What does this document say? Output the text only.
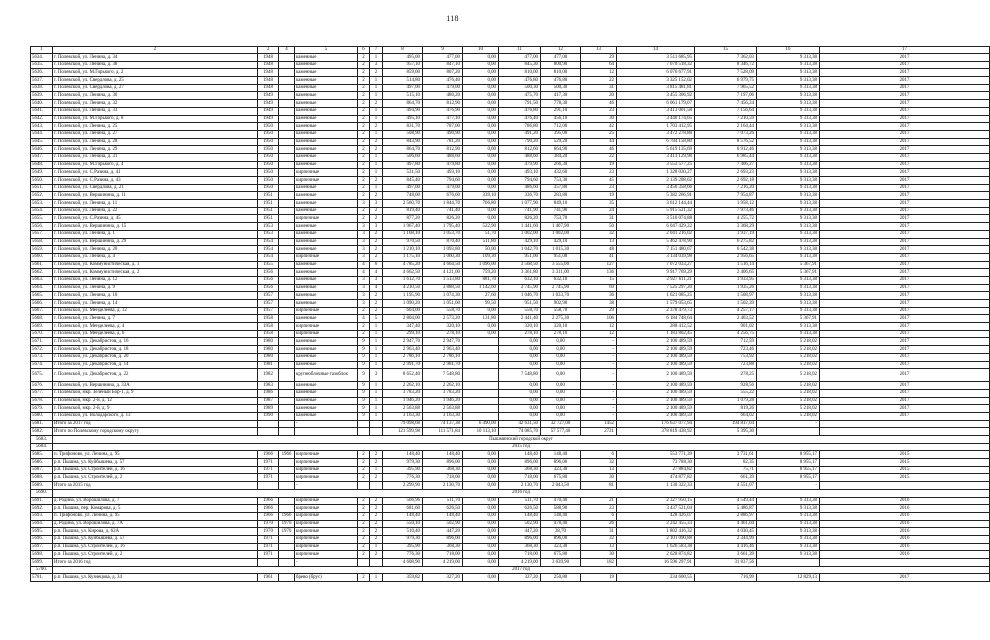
118
1	2	3	4	5	6	7	8	9	10	11	12	13	14	15	16	17
5634.	г. Полевской, ул. Ленина, д. 34	1948		каменные	2	1	495,00	477,00	0,00	477,00	477,00	29	3 511 685,95	7 362,03	9 313,38	2017
5635.	г. Полевской, ул. Ленина, д. 38	1948		каменные	2	3	957,10	847,10	0,00	845,30	800,90	64	7 070 518,32	8 346,72	9 313,38	2017
5636.	г. Полевской, ул. М.Горького, д. 2	1948		каменные	2	2	859,00	807,20	0,00	810,00	810,00	12	6 076 677,91	7 528,09	9 313,38	2017
5637.	г. Полевской, ул. Свердлова, д. 25	1948		каменные	2	1	514,80	476,40	0,00	476,80	476,80	22	3 325 152,02	6 979,75	9 313,38	2017
5638.	г. Полевской, ул. Свердлова, д. 27	1948		каменные	2	1	497,00	479,00	0,00	500,30	500,30	31	3 815 481,81	7 965,52	9 313,38	2017
5639.	г. Полевской, ул. Ленина, д. 30	1949		каменные	2	1	515,10	480,20	0,00	475,70	417,30	20	3 455 306,92	7 197,06	9 313,38	2017
5640.	г. Полевской, ул. Ленина, д. 32	1949		каменные	2	2	864,70	812,90	0,00	791,50	778,30	46	6 061 179,07	7 456,24	9 313,38	2017
5641.	г. Полевской, ул. Ленина, д. 33	1949		каменные	2	1	494,90	476,90	0,00	476,80	291,10	23	3 413 001,58	7 156,64	9 313,38	2017
5642.	г. Полевской, ул. М.Горького, д. 8	1949		каменные	2	1	495,10	477,10	0,00	476,40	456,10	30	3 440 174,05	7 210,59	9 313,38	2017
5643.	г. Полевской, ул. Ленина, д. 25	1950		каменные	2	2	831,70	787,00	0,00	786,80	712,00	42	1 703 412,95	2 164,44	9 313,38	2017
5644.	г. Полевской, ул. Ленина, д. 27	1950		каменные	2	1	508,90	490,90	0,00	491,20	395,00	25	3 472 278,88	7 073,26	9 313,38	2017
5645.	г. Полевской, ул. Ленина, д. 28	1950		каменные	2	2	843,90	781,20	0,00	790,20	529,20	44	6 784 158,80	8 576,52	9 313,38	2017
5646.	г. Полевской, ул. Ленина, д. 29	1950		каменные	2	2	864,70	812,90	0,00	812,60	664,90	46	5 619 135,69	6 912,46	9 313,38	2017
5647.	г. Полевской, ул. Ленина, д. 31	1950		каменные	2	1	506,60	488,60	0,00	488,60	384,20	22	3 413 129,98	6 985,44	9 313,38	2017
5648.	г. Полевской, ул. М.Горького, д. 4	1950		каменные	2	1	497,80	479,80	0,00	479,90	266,30	19	3 553 577,25	7 406,27	9 313,38	2017
5649.	г. Полевской, ул. С.Разина, д. 41	1950		кирпичные	2	1	531,50	493,10	0,00	493,10	432,60	23	1 328 030,27	2 693,23	9 313,38	2017
5650.	г. Полевской, ул. С.Разина, д. 43	1950		кирпичные	2	2	845,40	794,60	0,00	794,60	753,30	45	2 139 208,62	2 692,18	9 313,38	2017
5651.	г. Полевской, ул. Свердлова, д. 21	1950		каменные	2	1	497,00	479,00	0,00	486,60	357,80	23	3 456 358,66	7 216,20	9 313,38	2017
5652.	г. Полевской, ул. Вершинина, д. 11	1951		каменные	2	2	748,00	676,60	339,10	336,70	283,80	19	5 382 266,91	7 954,87	9 313,38	2017
5653.	г. Полевской, ул. Ленина, д. 11	1951		каменные	3	3	2 560,70	1 844,70	766,80	1 077,90	849,10	35	3 612 144,44	1 958,12	9 313,38	2017
5654.	г. Полевской, ул. Ленина, д. 22	1951		каменные	2	2	819,40	741,40	0,00	741,90	741,90	24	5 915 521,32	7 973,46	9 313,38	2017
5655.	г. Полевской, ул. С.Разина, д. 45	1951		кирпичные	2	2	877,20	826,20	0,00	826,20	753,70	31	3 516 074,88	4 255,72	9 313,38	2017
5656.	г. Полевской, ул. Вершинина, д. 15	1953		каменные	3	3	1 967,40	1 795,40	522,90	1 441,60	1 407,90	50	6 047 429,22	3 368,29	9 313,38	2017
5657.	г. Полевской, ул. Ленина, д. 1	1953		каменные	3	2	1 168,10	1 053,70	51,70	1 002,00	1 002,00	32	2 041 216,02	1 937,19	9 313,38	2017
5658.	г. Полевской, ул. Вершинина, д. 29	1954		каменные	3	2	970,50	870,40	511,80	429,10	429,10	13	5 462 478,90	6 275,82	9 313,38	2017
5659.	г. Полевской, ул. Ленина, д. 20	1954		каменные	3	2	1 210,10	1 093,80	50,00	1 042,70	1 015,30	48	7 151 480,67	6 542,38	9 313,38	2017
5660.	г. Полевской, ул. Ленина, д. 4	1954		кирпичные	3	2	1 175,10	1 060,30	109,30	951,00	951,00	41	3 134 039,98	2 956,65	9 313,38	2017
5661.	г. Полевской, ул. Коммунистическая, д. 1	1955		каменные	4	6	4 785,20	4 664,50	1 096,00	3 568,50	3 555,00	127	7 072 033,27	1 516,14	5 367,91	2017
5662.	г. Полевской, ул. Коммунистическая, д. 2	1956		каменные	4	4	4 662,50	4 121,00	759,20	3 361,80	3 311,00	136	9 917 769,29	2 406,65	5 367,91	2017
5663.	г. Полевской, ул. Ленина, д. 12	1956		каменные	3	3	1 612,70	1 513,80	881,70	632,10	632,10	15	2 927 611,21	1 933,95	9 313,38	2017
5664.	г. Полевской, ул. Ленина, д. 9	1956		каменные	3	4	4 210,50	3 888,50	1 142,60	2 745,90	2 745,90	69	7 525 297,20	1 935,26	9 313,38	2017
5665.	г. Полевской, ул. Ленина, д. 10	1957		каменные	3	2	1 195,90	1 074,30	27,60	1 046,70	1 033,70	36	1 621 085,25	1 508,97	9 313,38	2017
5666.	г. Полевской, ул. Ленина, д. 14	1957		каменные	3	2	1 090,20	1 051,00	99,50	951,50	902,90	38	1 579 053,65	1 502,39	9 313,38	2017
5667.	г. Полевской, ул. Менделеева, д. 12	1957		кирпичные	2	2	604,00	558,70	0,00	558,70	558,70	29	2 378 479,73	4 257,17	9 313,38	2017
5668.	г. Полевской, ул. Ленина, д. 7	1958		каменные	4	5	2 804,00	2 573,20	131,80	2 441,40	2 275,30	106	6 184 748,64	2 403,52	5 367,91	2017
5669.	г. Полевской, ул. Менделеева, д. 4	1958		кирпичные	2	1	347,40	320,10	0,00	320,10	320,10	12	288 412,52	901,02	9 313,38	2017
5670.	г. Полевской, ул. Менделеева, д. 6	1958		кирпичные	2	1	299,10	278,10	0,00	278,10	278,10	12	1 183 802,45	4 256,75	9 313,38	2017
5671.	г. Полевской, ул. Декабристов, д. 16	1980		каменные	9	1	2 947,70	2 947,70		0,00	0,00	-	2 100 489,59	712,59	5 218,02	2017
5672.	г. Полевской, ул. Декабристов, д. 18	1980		каменные	9	1	2 963,40	2 963,40		0,00	0,00	-	2 100 489,59	723,46	5 218,02	2017
5673.	г. Полевской, ул. Декабристов, д. 20	1980		каменные	9	1	2 786,10	2 786,10		0,00	0,00	-	2 100 489,59	753,92	5 218,02	2017
5674.	г. Полевской, ул. Декабристов, д. 14	1981		каменные	9	1	2 991,70	2 981,70		0,00	0,00	-	2 100 489,59	723,88	5 218,02	2017
5675.	г. Полевской, ул. Декабристов, д. 22	1982		крупноблочные газоблок	9	3	8 652,40	7 548,80		7 548,80	0,00	-	2 100 489,59	278,25	5 218,02	2017
5676.	г. Полевской, ул. Вершинина, д. 33А	1983		каменные	9	1	2 262,10	2 262,10		0,00	0,00	-	2 100 489,59	928,56	5 218,02	2017
5677.	г. Полевской, мкр. Зеленый Бор-1, д. 9	1986		каменные	9	1	3 783,20	3 783,20		0,00	0,00	-	2 100 489,59	555,22	5 218,02	2017
5678.	г. Полевской, мкр. 2-й, д. 12	1987		каменные	9	1	1 946,20	1 946,20		0,00	0,00	-	2 100 489,59	1 079,28	5 218,02	2017
5679.	г. Полевской, мкр. 2-й, д. 9	1989		каменные	9	1	2 563,88	2 563,88		0,00	0,00	-	2 100 489,59	819,26	5 218,02	2017
5680.	г. Полевской, ул. Володарского, д. 13	1990		каменные	9	1	3 163,30	3 163,30		0,00	0,00	-	2 100 489,59	664,02	5 218,02	2017
5681.	Итого за 2017 год			-			79 098,68	74 137,38	6 490,00	42 631,50	32 727,00	1452	176 637 077,94	194 817,04	-	
5682.	Итого по Полевскому городскому округу						121 599,98	111 571,84	10 113,10	74 085,70	57 577,40	2721	378 819 438,92	5 395,30		
5683.	Пышминский городской округ															
5684.	2015 год															
5685.	п. Трифоново, ул. Ленина, д. 95	1966	1966	кирпичные	2	2	148,40	148,40	0,00	148,40	148,40	6	553 771,39	3 731,61	8 955,17	2015
5686.	р.п. Пышма, ул. Куйбышева, д. 57	1971		кирпичные	2	2	979,30	896,00	0,00	896,00	896,00	32	73 788,30	82,35	8 955,17	2015
5687.	р.п. Пышма, ул. Строителей, д. 16	1971		кирпичные	2	1	395,90	368,30	0,00	368,30	323,30	13	27 884,82	75,71	8 955,17	2015
5688.	р.п. Пышма, ул. Строителей, д. 2	1971		кирпичные	2	2	776,30	718,00	0,00	718,00	675,80	30	474 877,82	661,39	8 955,17	2015
5689.	Итого за 2015 год			-			2 299,90	2 130,70	0,00	2 130,70	2 043,50	81	1 130 322,33	4 551,07	-	
5690.	2016 год															
5691.	д. Родина, ул. Ворошилова, д. 7	1966		кирпичные	2	2	566,96	511,70	0,00	511,70	470,40	21	2 327 950,15	4 549,44	9 313,38	2016
5692.	р.п. Пышма, пер. Комарова, д. 5	1966		кирпичные	2	2	681,60	626,50	0,00	626,50	588,90	23	3 437 521,04	5 486,87	9 313,38	2016
5693.	п. Трифоново, ул. Ленина, д. 95	1966	1966	кирпичные	2	2	148,40	148,40	0,00	148,40	148,40	6	428 426,07	2 886,97	9 313,38	2016
5694.	д. Родина, ул. Ворошилова, д. 7А	1970	1970	кирпичные	2	2	550,10	502,90	0,00	502,90	478,40	26	2 242 455,33	4 461,04	9 313,38	2016
5695.	р.п. Пышма, ул. Кирова, д. 62А	1970	1970	кирпичные	2	2	510,40	447,20	0,00	447,20	38,70	31	1 802 416,32	4 030,45	9 313,38	2016
5696.	р.п. Пышма, ул. Куйбышева, д. 57	1971		кирпичные	2	2	979,30	896,00	0,00	896,00	896,00	32	2 101 090,88	2 344,99	9 313,38	2016
5697.	р.п. Пышма, ул. Строителей, д. 16	1971		кирпичные	2	1	395,90	368,30	0,00	368,30	323,30	13	1 626 583,38	4 416,46	9 313,38	2016
5698.	р.п. Пышма, ул. Строителей, д. 2	1971		кирпичные	2	2	776,30	718,00	0,00	718,00	675,80	30	2 628 874,82	3 661,39	9 313,38	2016
5699.	Итого за 2016 год			-			4 608,90	4 219,00	0,00	4 219,00	3 639,90	182	16 596 297,91	31 837,56		
5700.	2017 год															
5701.	р.п. Пышма, ул. Кузнецова, д. 34	1961		брево (брус)	2	1	359,82	327,20	0,00	327,20	250,80	19	234 600,55	716,99	12 829,13	2017
